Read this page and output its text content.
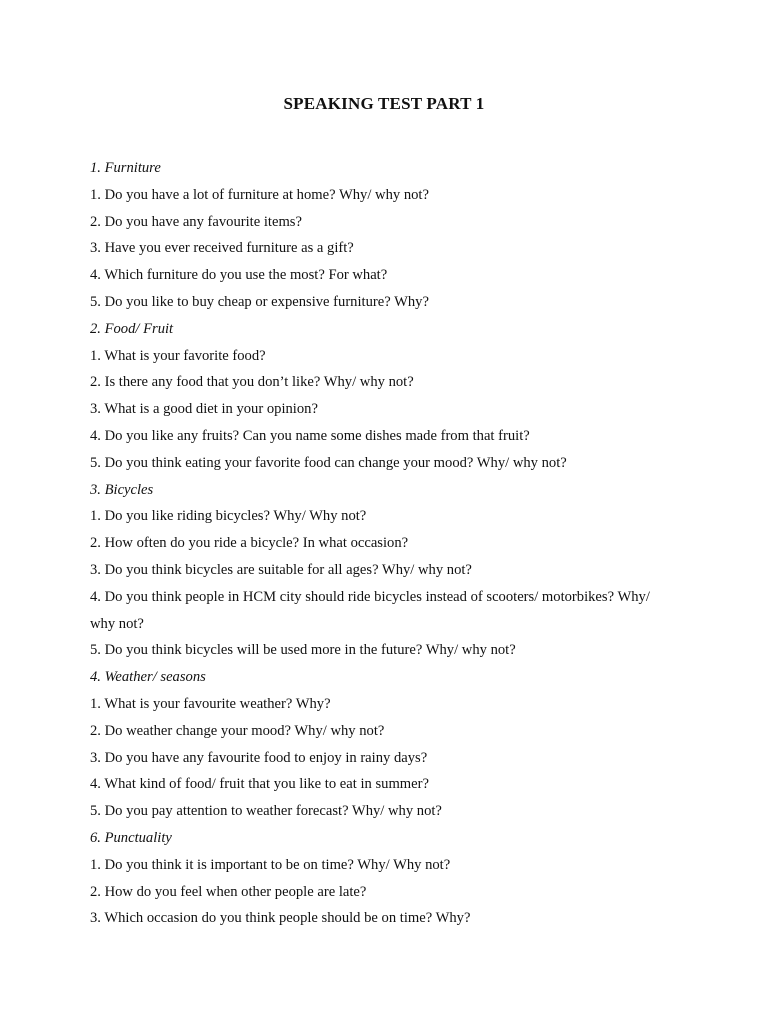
SPEAKING TEST PART 1
1. Furniture
1. Do you have a lot of furniture at home? Why/ why not?
2. Do you have any favourite items?
3. Have you ever received furniture as a gift?
4. Which furniture do you use the most? For what?
5. Do you like to buy cheap or expensive furniture? Why?
2. Food/ Fruit
1. What is your favorite food?
2. Is there any food that you don’t like? Why/ why not?
3. What is a good diet in your opinion?
4. Do you like any fruits? Can you name some dishes made from that fruit?
5. Do you think eating your favorite food can change your mood? Why/ why not?
3. Bicycles
1. Do you like riding bicycles? Why/ Why not?
2. How often do you ride a bicycle? In what occasion?
3. Do you think bicycles are suitable for all ages? Why/ why not?
4. Do you think people in HCM city should ride bicycles instead of scooters/ motorbikes? Why/
why not?
5. Do you think bicycles will be used more in the future? Why/ why not?
4. Weather/ seasons
1. What is your favourite weather? Why?
2. Do weather change your mood? Why/ why not?
3. Do you have any favourite food to enjoy in rainy days?
4. What kind of food/ fruit that you like to eat in summer?
5. Do you pay attention to weather forecast? Why/ why not?
6. Punctuality
1. Do you think it is important to be on time? Why/ Why not?
2. How do you feel when other people are late?
3. Which occasion do you think people should be on time? Why?
